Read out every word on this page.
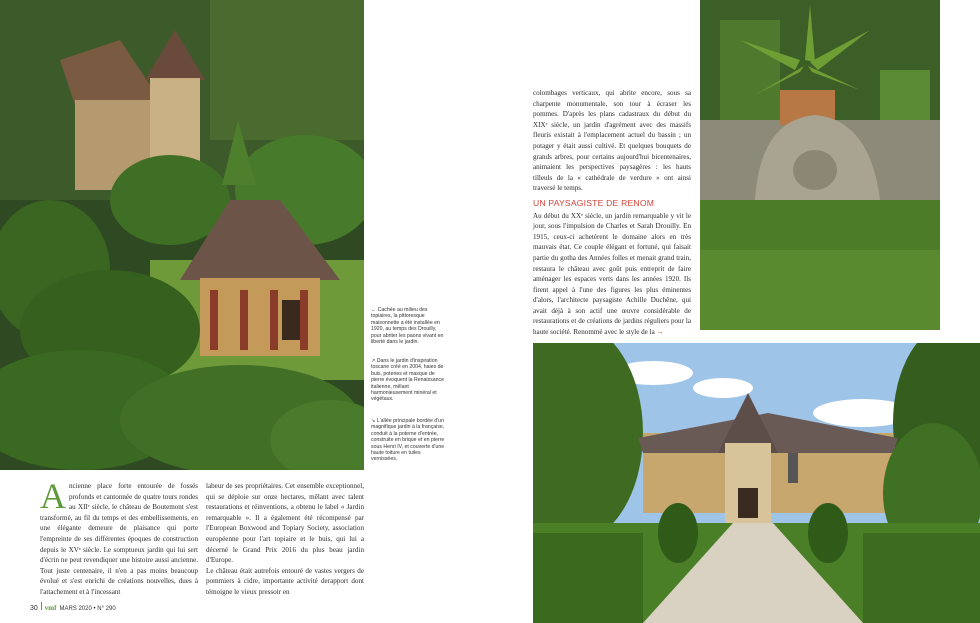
← Cachée au milieu des topiaires, la pittoresque maisonnette a été installée en 1920, au temps des Drouilly, pour abriter les paons vivant en liberté dans le jardin.
↗ Dans le jardin d'inspiration toscane créé en 2004, haies de buis, poteries et masque de pierre évoquent la Renaissance italienne, mêlant harmonieusement minéral et végétaux.
↘ L'allée principale bordée d'un magnifique jardin à la française, conduit à la poterne d'entrée, construite en brique et en pierre sous Henri IV, et couverte d'une haute toiture en tuiles vernissées.
Ancienne place forte entourée de fossés profonds et cantonnée de quatre tours rondes au XIIᵉ siècle, le château de Boutemont s'est transformé, au fil du temps et des embellissements, en une élégante demeure de plaisance qui porte l'empreinte de ses différentes époques de construction depuis le XVᵉ siècle. Le somptueux jardin qui lui sert d'écrin ne peut revendiquer une histoire aussi ancienne. Tout juste centenaire, il n'en a pas moins beaucoup évolué et s'est enrichi de créations nouvelles, dues à l'attachement et à l'incessant

labeur de ses propriétaires. Cet ensemble exceptionnel, qui se déploie sur onze hectares, mêlant avec talent restaurations et réinventions, a obtenu le label « Jardin remarquable ». Il a également été récompensé par l'European Boxwood and Topiary Society, association européenne pour l'art topiaire et le buis, qui lui a décerné le Grand Prix 2016 du plus beau jardin d'Europe.

Le château était autrefois entouré de vastes vergers de pommiers à cidre, importante activité derapport dont témoigne le vieux pressoir en

colombages verticaux, qui abrite encore, sous sa charpente monumentale, son tour à écraser les pommes. D'après les plans cadastraux du début du XIXᵉ siècle, un jardin d'agrément avec des massifs fleuris existait à l'emplacement actuel du bassin ; un potager y était aussi cultivé. Et quelques bouquets de grands arbres, pour certains aujourd'hui bicentenaires, animaient les perspectives paysagères : les hauts tilleuls de la « cathédrale de verdure » ont ainsi traversé le temps.

UN PAYSAGISTE DE RENOM

Au début du XXᵉ siècle, un jardin remarquable y vit le jour, sous l'impulsion de Charles et Sarah Drouilly. En 1915, ceux-ci achetèrent le domaine alors en très mauvais état. Ce couple élégant et fortuné, qui faisait partie du gotha des Années folles et menait grand train, restaura le château avec goût puis entreprit de faire aménager les espaces verts dans les années 1920. Ils firent appel à l'une des figures les plus éminentes d'alors, l'architecte paysagiste Achille Duchêne, qui avait déjà à son actif une œuvre considérable de restaurations et de créations de jardins réguliers pour la haute société. Renommé avec le style de la →

30 vmf MARS 2020 • N° 290
